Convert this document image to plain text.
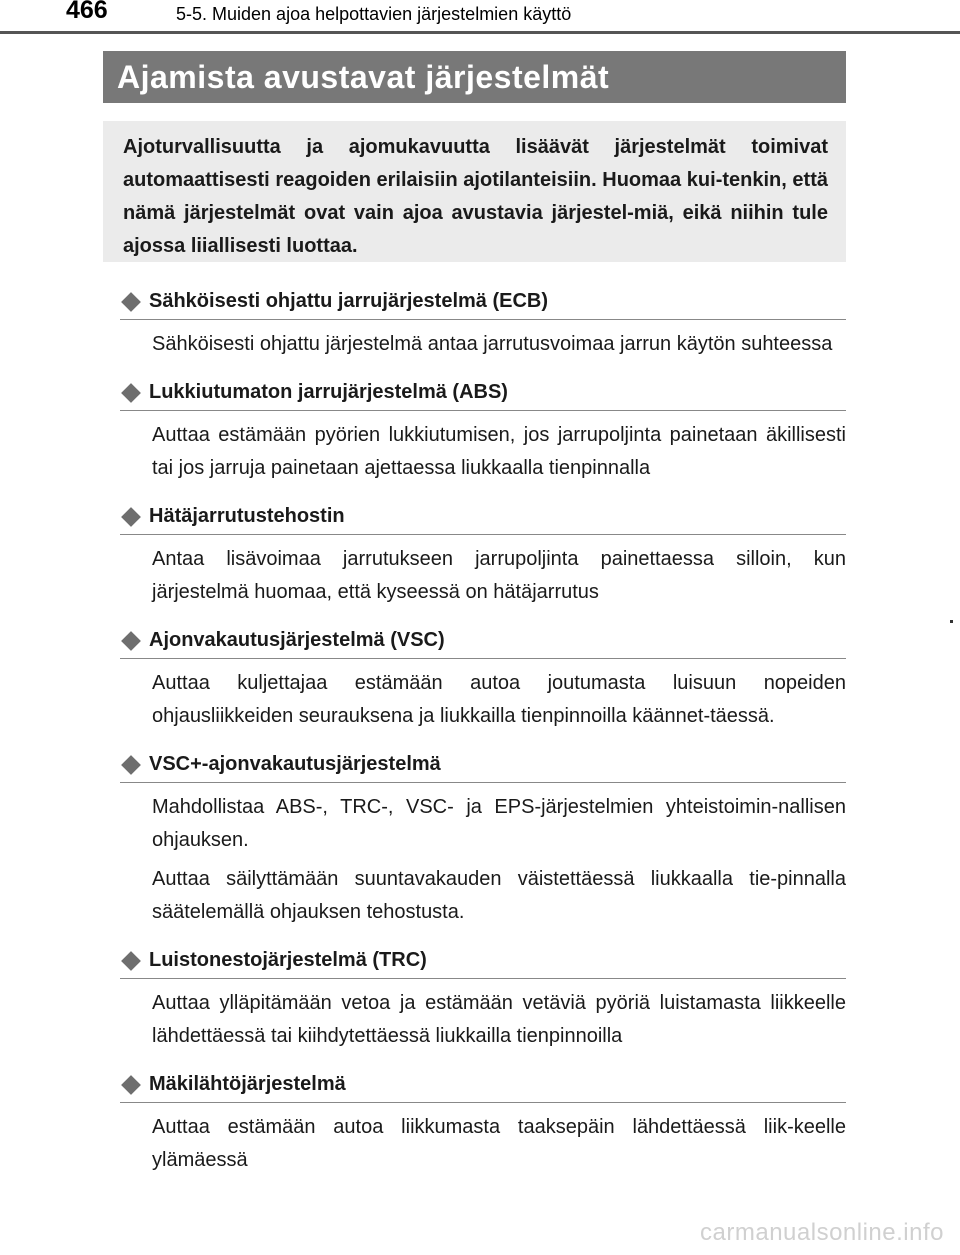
466	5-5. Muiden ajoa helpottavien järjestelmien käyttö
Ajamista avustavat järjestelmät

Ajoturvallisuutta ja ajomukavuutta lisäävät järjestelmät toimivat automaattisesti reagoiden erilaisiin ajotilanteisiin. Huomaa kui-tenkin, että nämä järjestelmät ovat vain ajoa avustavia järjestel-miä, eikä niihin tule ajossa liiallisesti luottaa.

Sähköisesti ohjattu jarrujärjestelmä (ECB)

Sähköisesti ohjattu järjestelmä antaa jarrutusvoimaa jarrun käytön suhteessa

Lukkiutumaton jarrujärjestelmä (ABS)

Auttaa estämään pyörien lukkiutumisen, jos jarrupoljinta painetaan äkillisesti tai jos jarruja painetaan ajettaessa liukkaalla tienpinnalla

Hätäjarrutustehostin

Antaa lisävoimaa jarrutukseen jarrupoljinta painettaessa silloin, kun järjestelmä huomaa, että kyseessä on hätäjarrutus

Ajonvakautusjärjestelmä (VSC)

Auttaa kuljettajaa estämään autoa joutumasta luisuun nopeiden ohjausliikkeiden seurauksena ja liukkailla tienpinnoilla käännet-täessä.

VSC+-ajonvakautusjärjestelmä

Mahdollistaa ABS-, TRC-, VSC- ja EPS-järjestelmien yhteistoimin-nallisen ohjauksen.

Auttaa säilyttämään suuntavakauden väistettäessä liukkaalla tie-pinnalla säätelemällä ohjauksen tehostusta.

Luistonestojärjestelmä (TRC)

Auttaa ylläpitämään vetoa ja estämään vetäviä pyöriä luistamasta liikkeelle lähdettäessä tai kiihdytettäessä liukkailla tienpinnoilla

Mäkilähtöjärjestelmä

Auttaa estämään autoa liikkumasta taaksepäin lähdettäessä liik-keelle ylämäessä

carmanualsonline.info
